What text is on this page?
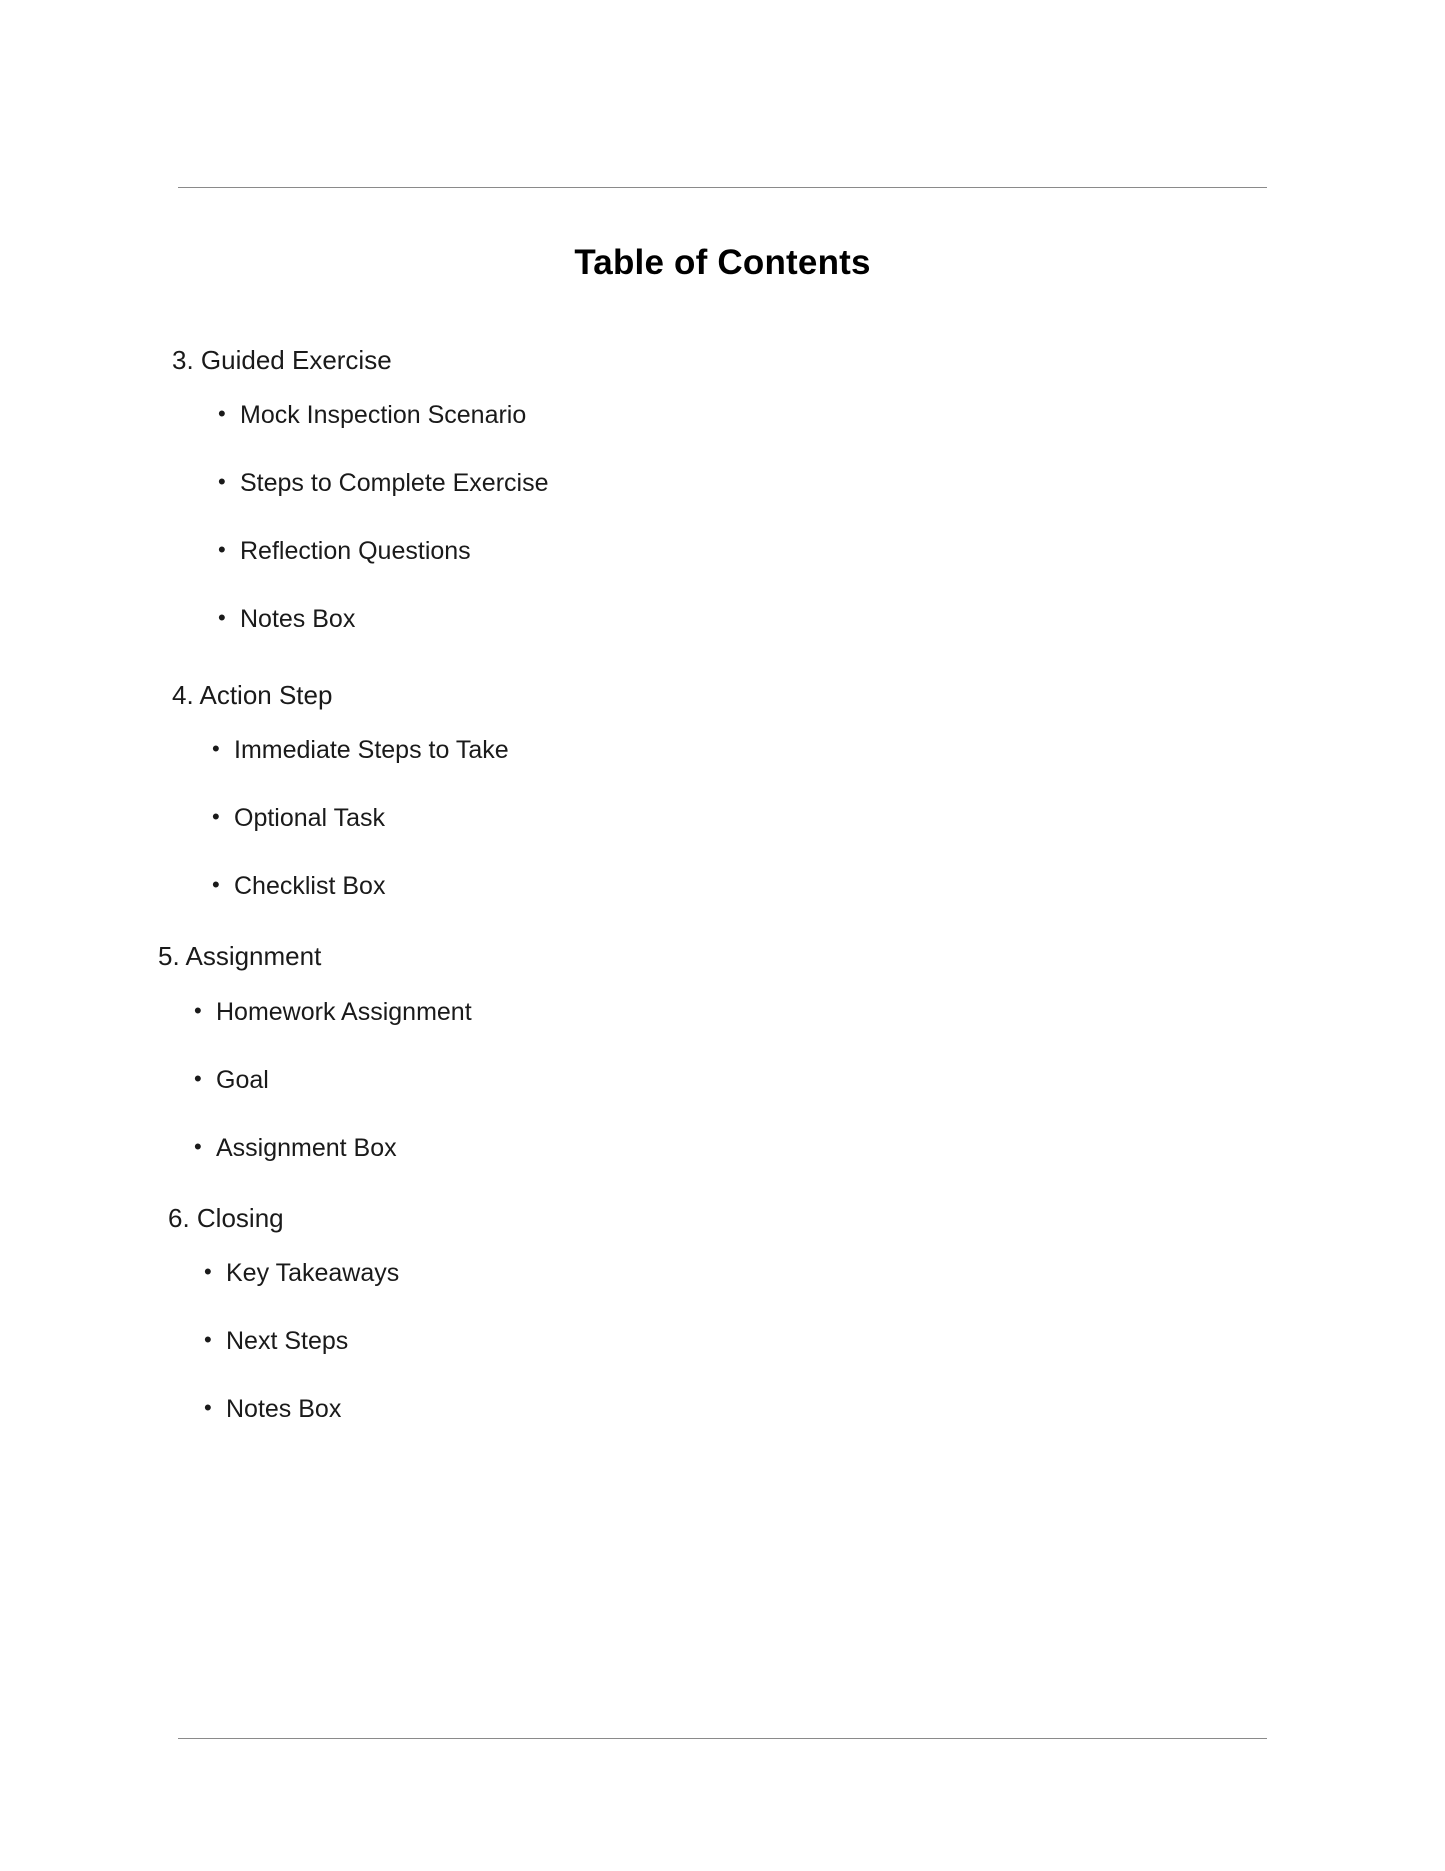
Table of Contents
3. Guided Exercise
• Mock Inspection Scenario
• Steps to Complete Exercise
• Reflection Questions
• Notes Box
4. Action Step
• Immediate Steps to Take
• Optional Task
• Checklist Box
5. Assignment
• Homework Assignment
• Goal
• Assignment Box
6. Closing
• Key Takeaways
• Next Steps
• Notes Box
